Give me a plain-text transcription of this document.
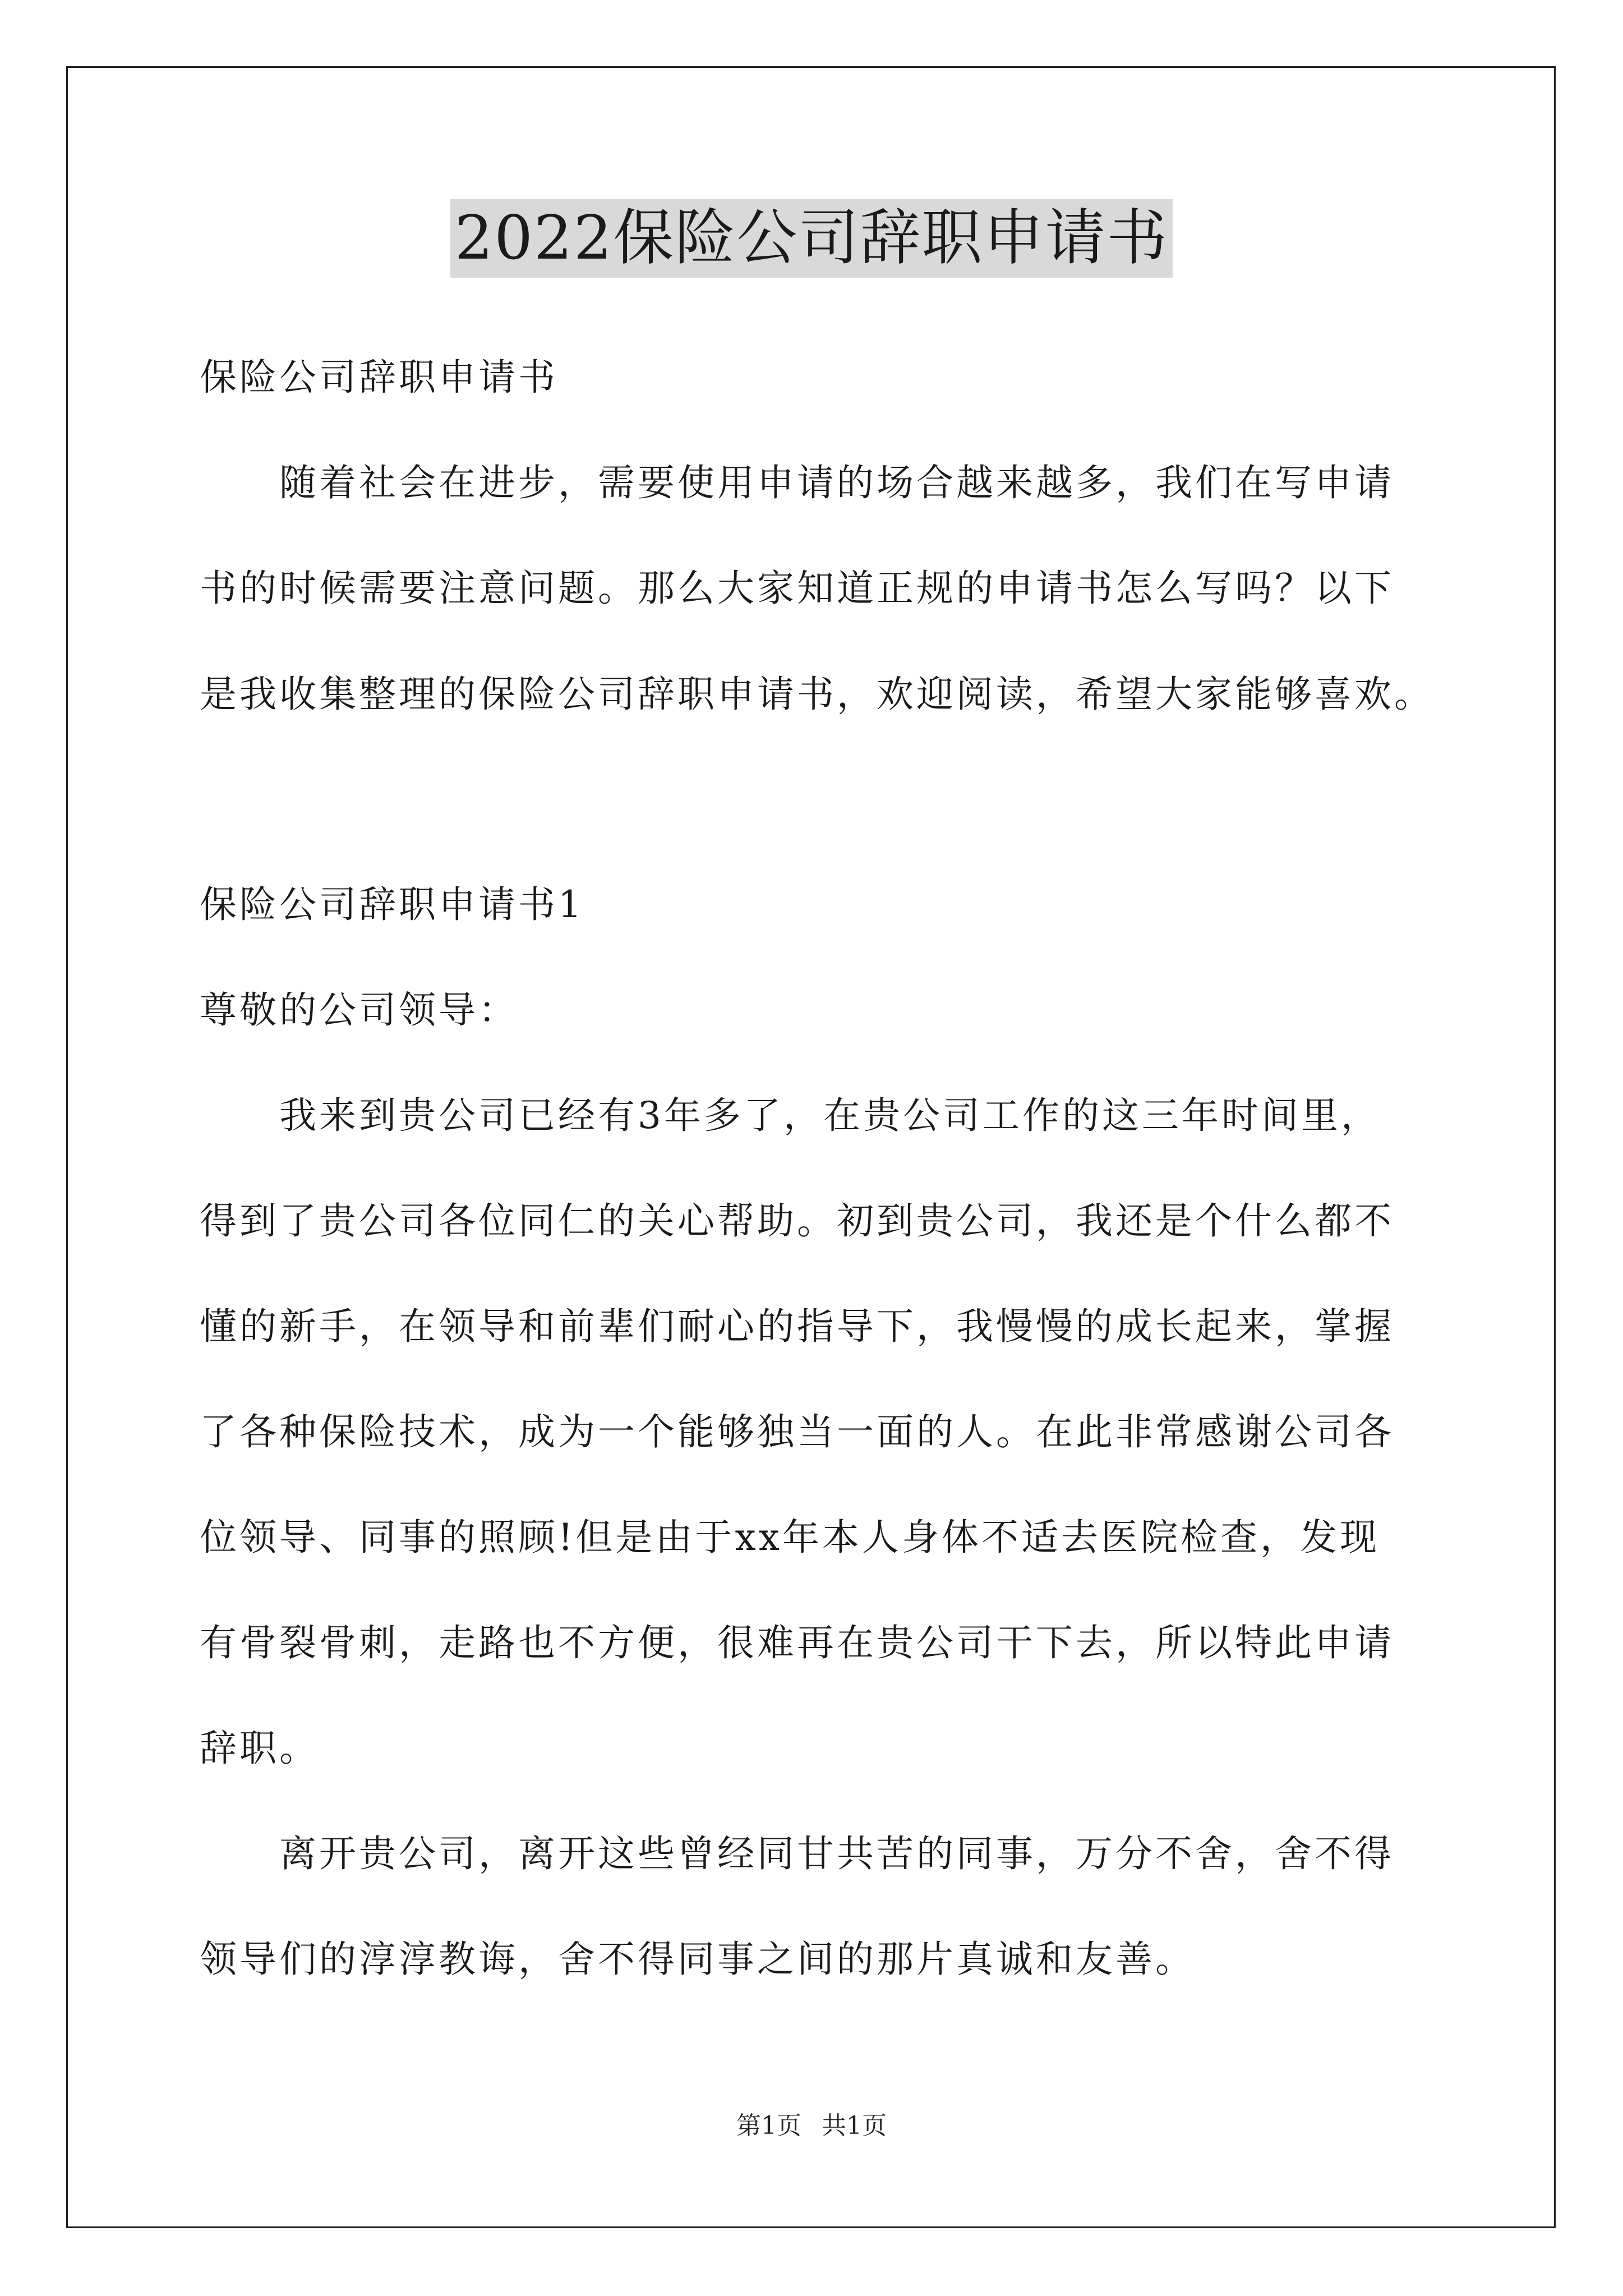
2022保险公司辞职申请书
保险公司辞职申请书
随着社会在进步，需要使用申请的场合越来越多，我们在写申请
书的时候需要注意问题。那么大家知道正规的申请书怎么写吗？以下
是我收集整理的保险公司辞职申请书，欢迎阅读，希望大家能够喜欢。
保险公司辞职申请书1
尊敬的公司领导：
我来到贵公司已经有3年多了，在贵公司工作的这三年时间里，
得到了贵公司各位同仁的关心帮助。初到贵公司，我还是个什么都不
懂的新手，在领导和前辈们耐心的指导下，我慢慢的成长起来，掌握
了各种保险技术，成为一个能够独当一面的人。在此非常感谢公司各
位领导、同事的照顾!但是由于xx年本人身体不适去医院检查，发现
有骨裂骨刺，走路也不方便，很难再在贵公司干下去，所以特此申请
辞职。
离开贵公司，离开这些曾经同甘共苦的同事，万分不舍，舍不得
领导们的淳淳教诲，舍不得同事之间的那片真诚和友善。
第1页 共1页
